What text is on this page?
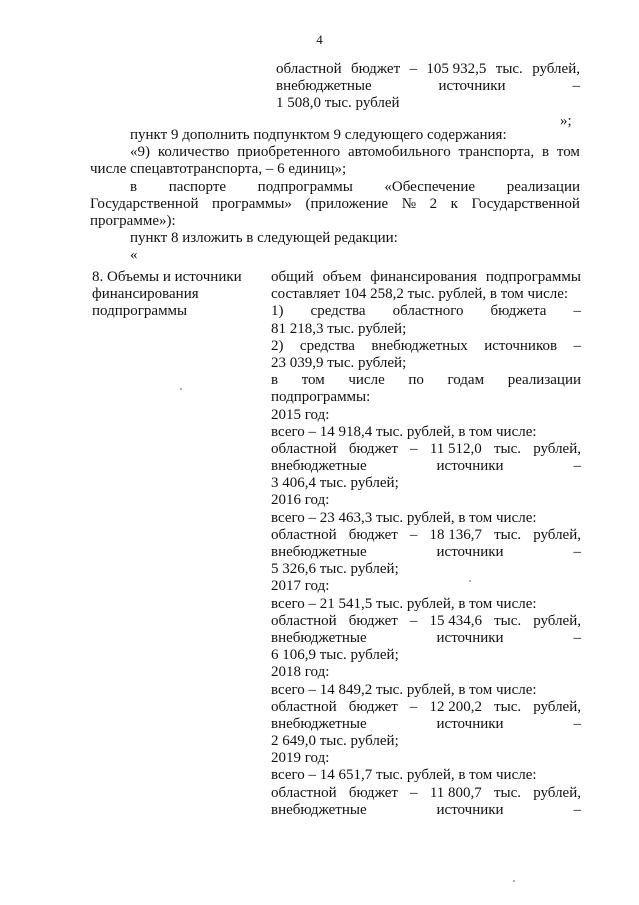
4
областной бюджет – 105 932,5 тыс. рублей,
внебюджетные	источники	–
1 508,0 тыс. рублей
»;
пункт 9 дополнить подпунктом 9 следующего содержания:
«9) количество приобретенного автомобильного транспорта, в том
числе спецавтотранспорта, – 6 единиц»;
в паспорте подпрограммы «Обеспечение реализации
Государственной программы» (приложение № 2 к Государственной
программе»):
пункт 8 изложить в следующей редакции:
«
8. Объемы и источники
финансирования
подпрограммы
общий объем финансирования подпрограммы
составляет 104 258,2 тыс. рублей, в том числе:
1) средства областного бюджета –
81 218,3 тыс. рублей;
2) средства внебюджетных источников –
23 039,9 тыс. рублей;
в том числе по годам реализации
подпрограммы:
2015 год:
всего – 14 918,4 тыс. рублей, в том числе:
областной бюджет – 11 512,0 тыс. рублей,
внебюджетные	источники	–
3 406,4 тыс. рублей;
2016 год:
всего – 23 463,3 тыс. рублей, в том числе:
областной бюджет – 18 136,7 тыс. рублей,
внебюджетные	источники	–
5 326,6 тыс. рублей;
2017 год:
всего – 21 541,5 тыс. рублей, в том числе:
областной бюджет – 15 434,6 тыс. рублей,
внебюджетные	источники	–
6 106,9 тыс. рублей;
2018 год:
всего – 14 849,2 тыс. рублей, в том числе:
областной бюджет – 12 200,2 тыс. рублей,
внебюджетные	источники	–
2 649,0 тыс. рублей;
2019 год:
всего – 14 651,7 тыс. рублей, в том числе:
областной бюджет – 11 800,7 тыс. рублей,
внебюджетные	источники	–
